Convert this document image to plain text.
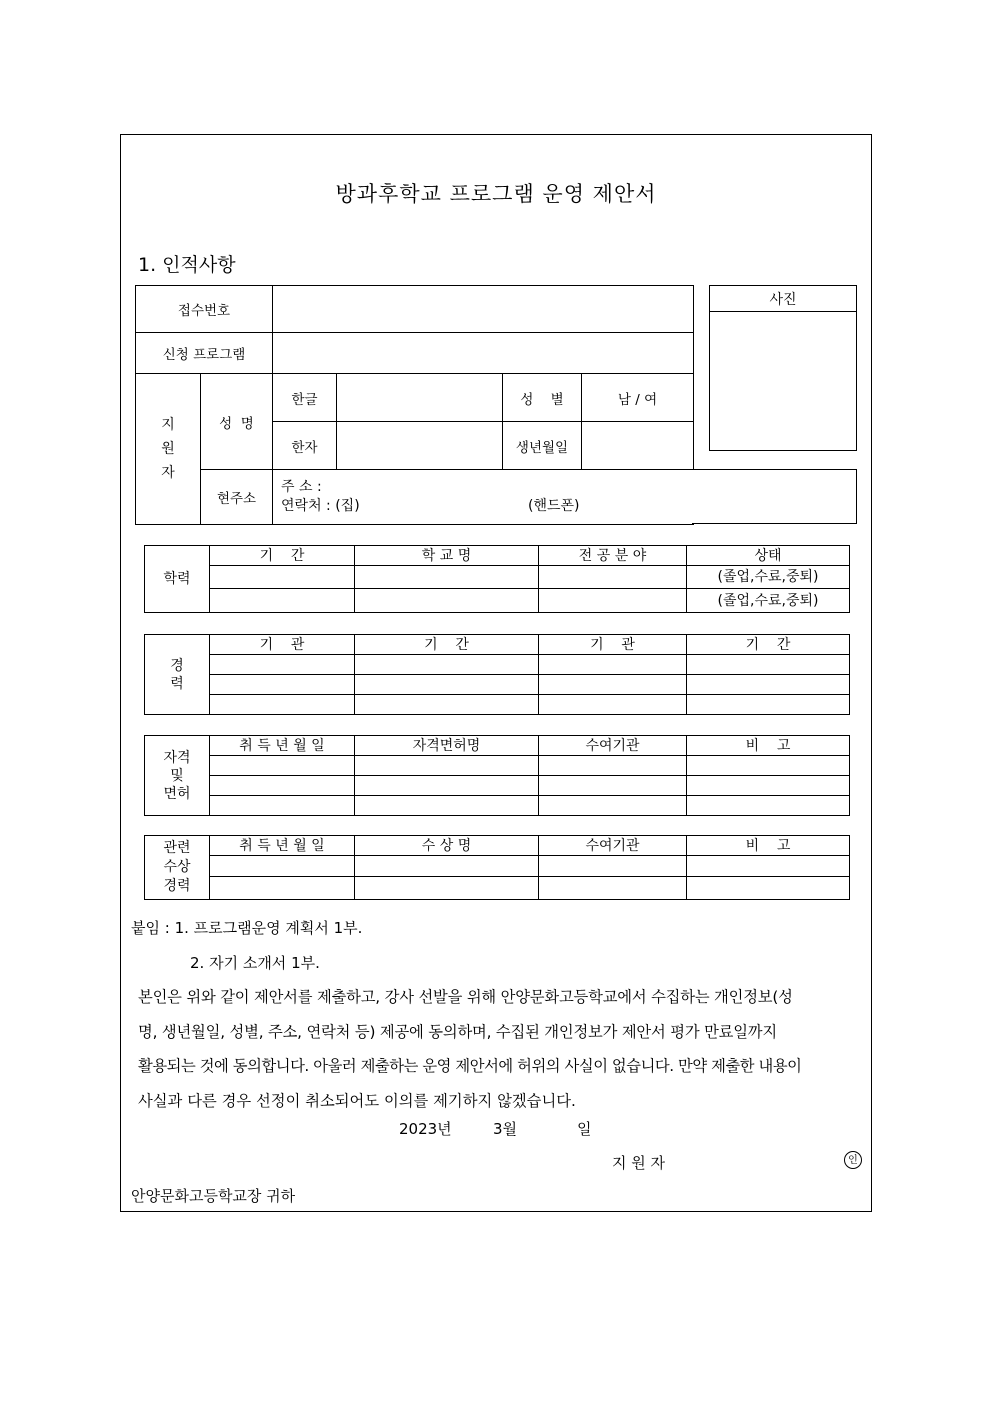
방과후학교 프로그램 운영 제안서
1. 인적사항
접수번호					
신청 프로그램					

지
원
자	성  명	한글		성    별	남 / 여
		한자		생년월일	
	현주소	주 소 :
연락처 : (집) (핸드폰)			
사진

학력	기    간	학 교 명	전 공 분 야	상태
				(졸업,수료,중퇴)
				(졸업,수료,중퇴)
경
력	기    관	기    간	기    관	기    간

자격
및
면허	취 득 년 월 일	자격면허명	수여기관	비    고

관련
수상
경력	취 득 년 월 일	수 상 명	수여기관	비    고

붙임 : 1. 프로그램운영 계획서 1부.
2. 자기 소개서 1부.
본인은 위와 같이 제안서를 제출하고, 강사 선발을 위해 안양문화고등학교에서 수집하는 개인정보(성
명, 생년월일, 성별, 주소, 연락처 등) 제공에 동의하며, 수집된 개인정보가 제안서 평가 만료일까지
활용되는 것에 동의합니다. 아울러 제출하는 운영 제안서에 허위의 사실이 없습니다. 만약 제출한 내용이
사실과 다른 경우 선정이 취소되어도 이의를 제기하지 않겠습니다.
2023년	3월	일
지 원 자	인
안양문화고등학교장 귀하
